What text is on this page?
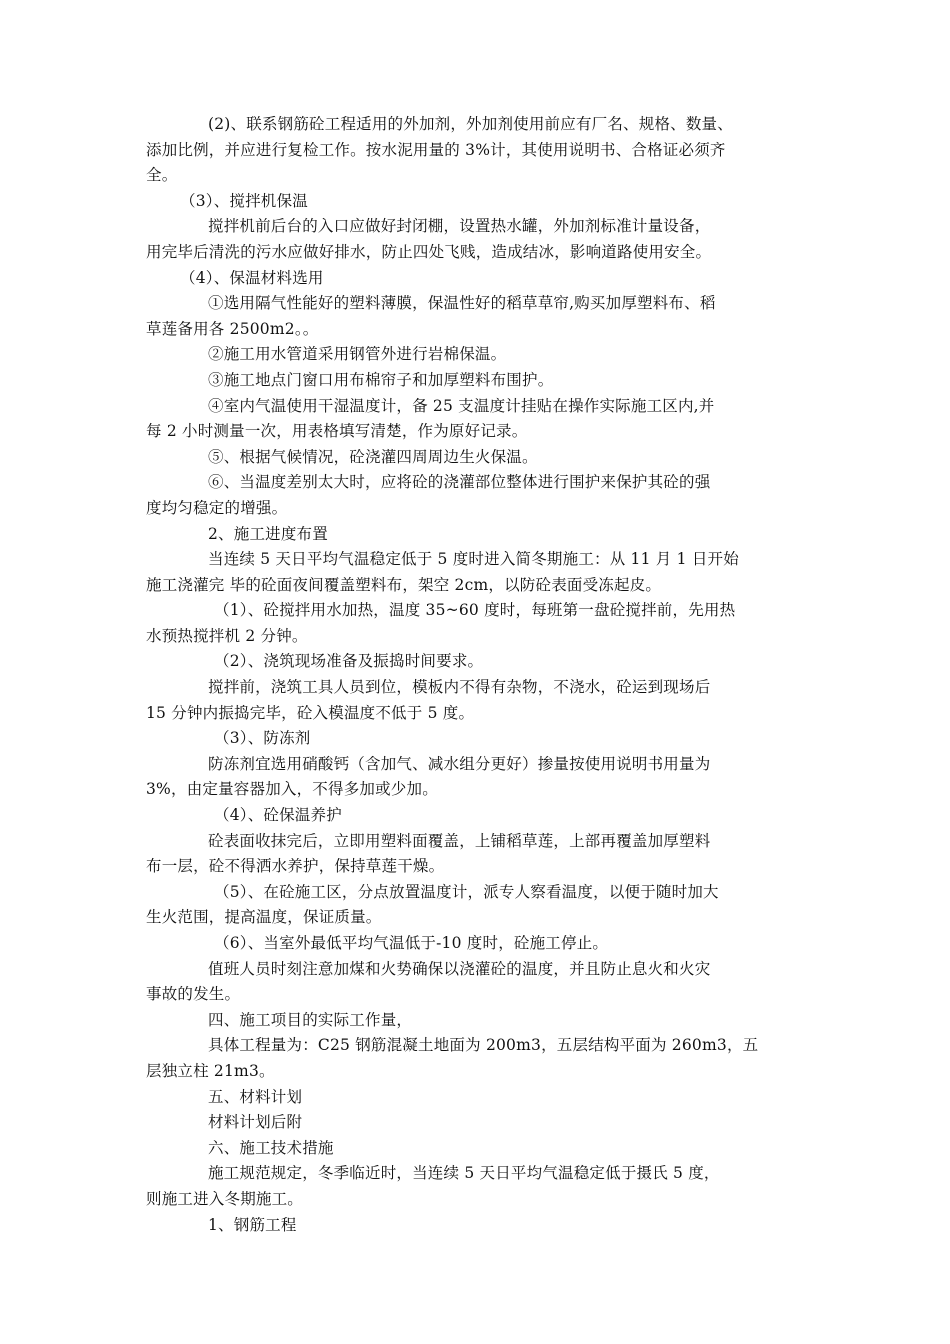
(2)、联系钢筋砼工程适用的外加剂，外加剂使用前应有厂名、规格、数量、
添加比例，并应进行复检工作。按水泥用量的 3%计，其使用说明书、合格证必须齐
全。
（3）、搅拌机保温
搅拌机前后台的入口应做好封闭棚，设置热水罐，外加剂标准计量设备，
用完毕后清洗的污水应做好排水，防止四处飞贱，造成结冰，影响道路使用安全。
（4）、保温材料选用
①选用隔气性能好的塑料薄膜，保温性好的稻草草帘,购买加厚塑料布、稻
草莲备用各 2500m2。。
②施工用水管道采用钢管外进行岩棉保温。
③施工地点门窗口用布棉帘子和加厚塑料布围护。
④室内气温使用干湿温度计，备 25 支温度计挂贴在操作实际施工区内,并
每 2 小时测量一次，用表格填写清楚，作为原好记录。
⑤、根据气候情况，砼浇灌四周周边生火保温。
⑥、当温度差别太大时，应将砼的浇灌部位整体进行围护来保护其砼的强
度均匀稳定的增强。
2、施工进度布置
当连续 5 天日平均气温稳定低于 5 度时进入简冬期施工：从 11 月 1 日开始
施工浇灌完 毕的砼面夜间覆盖塑料布，架空 2cm，以防砼表面受冻起皮。
（1）、砼搅拌用水加热，温度 35~60 度时，每班第一盘砼搅拌前，先用热
水预热搅拌机 2 分钟。
（2）、浇筑现场准备及振捣时间要求。
搅拌前，浇筑工具人员到位，模板内不得有杂物，不浇水，砼运到现场后
15 分钟内振捣完毕，砼入模温度不低于 5 度。
（3）、防冻剂
防冻剂宜选用硝酸钙（含加气、减水组分更好）掺量按使用说明书用量为
3%，由定量容器加入，不得多加或少加。
（4）、砼保温养护
砼表面收抹完后，立即用塑料面覆盖，上铺稻草莲，上部再覆盖加厚塑料
布一层，砼不得洒水养护，保持草莲干燥。
（5）、在砼施工区，分点放置温度计，派专人察看温度，以便于随时加大
生火范围，提高温度，保证质量。
（6）、当室外最低平均气温低于-10 度时，砼施工停止。
值班人员时刻注意加煤和火势确保以浇灌砼的温度，并且防止息火和火灾
事故的发生。
四、施工项目的实际工作量，
具体工程量为：C25 钢筋混凝土地面为 200m3，五层结构平面为 260m3，五
层独立柱 21m3。
五、材料计划
材料计划后附
六、施工技术措施
施工规范规定，冬季临近时，当连续 5 天日平均气温稳定低于摄氏 5 度，
则施工进入冬期施工。
1、钢筋工程
